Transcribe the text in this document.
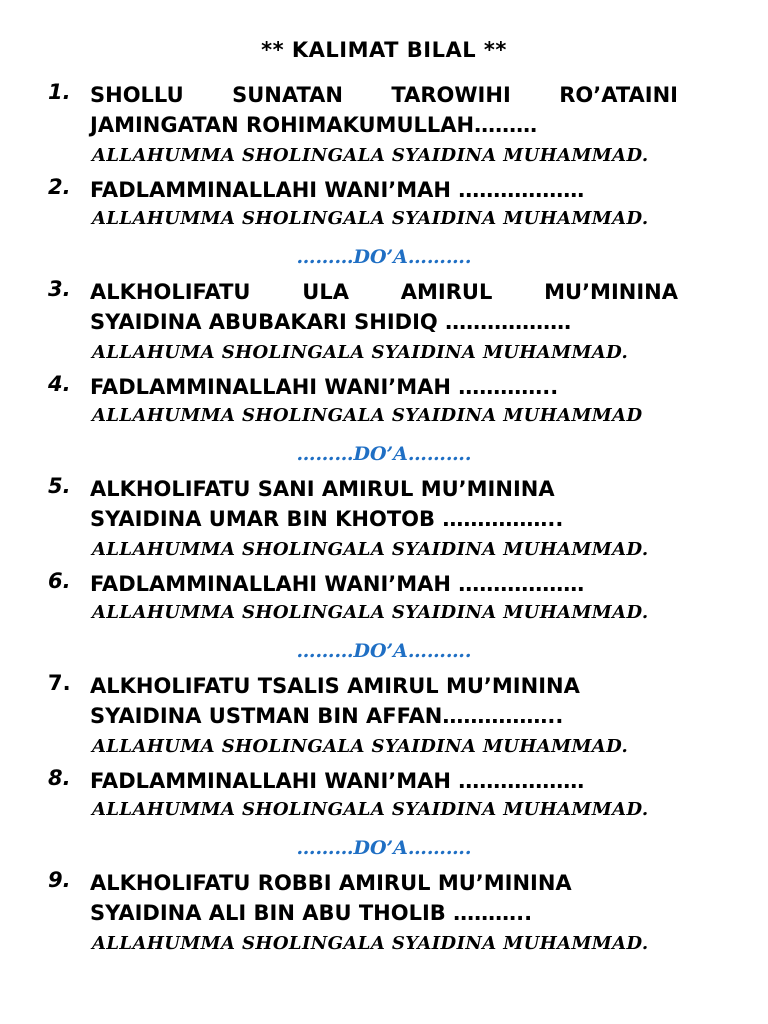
** KALIMAT BILAL **
1. SHOLLU SUNATAN TAROWIHI RO’ATAINI
JAMINGATAN ROHIMAKUMULLAH………
ALLAHUMMA SHOLINGALA SYAIDINA MUHAMMAD.
2. FADLAMMINALLAHI WANI’MAH ………………
ALLAHUMMA SHOLINGALA SYAIDINA MUHAMMAD.
………DO’A……….
3. ALKHOLIFATU ULA AMIRUL MU’MININA
SYAIDINA ABUBAKARI SHIDIQ ………………
ALLAHUMA SHOLINGALA SYAIDINA MUHAMMAD.
4. FADLAMMINALLAHI WANI’MAH …………..
ALLAHUMMA SHOLINGALA SYAIDINA MUHAMMAD
………DO’A……….
5. ALKHOLIFATU SANI AMIRUL MU’MININA
SYAIDINA UMAR BIN KHOTOB ……………..
ALLAHUMMA SHOLINGALA SYAIDINA MUHAMMAD.
6. FADLAMMINALLAHI WANI’MAH ………………
ALLAHUMMA SHOLINGALA SYAIDINA MUHAMMAD.
………DO’A……….
7. ALKHOLIFATU TSALIS AMIRUL MU’MININA
SYAIDINA USTMAN BIN AFFAN……………..
ALLAHUMA SHOLINGALA SYAIDINA MUHAMMAD.
8. FADLAMMINALLAHI WANI’MAH ………………
ALLAHUMMA SHOLINGALA SYAIDINA MUHAMMAD.
………DO’A……….
9. ALKHOLIFATU ROBBI AMIRUL MU’MININA
SYAIDINA ALI BIN ABU THOLIB ………..
ALLAHUMMA SHOLINGALA SYAIDINA MUHAMMAD.
